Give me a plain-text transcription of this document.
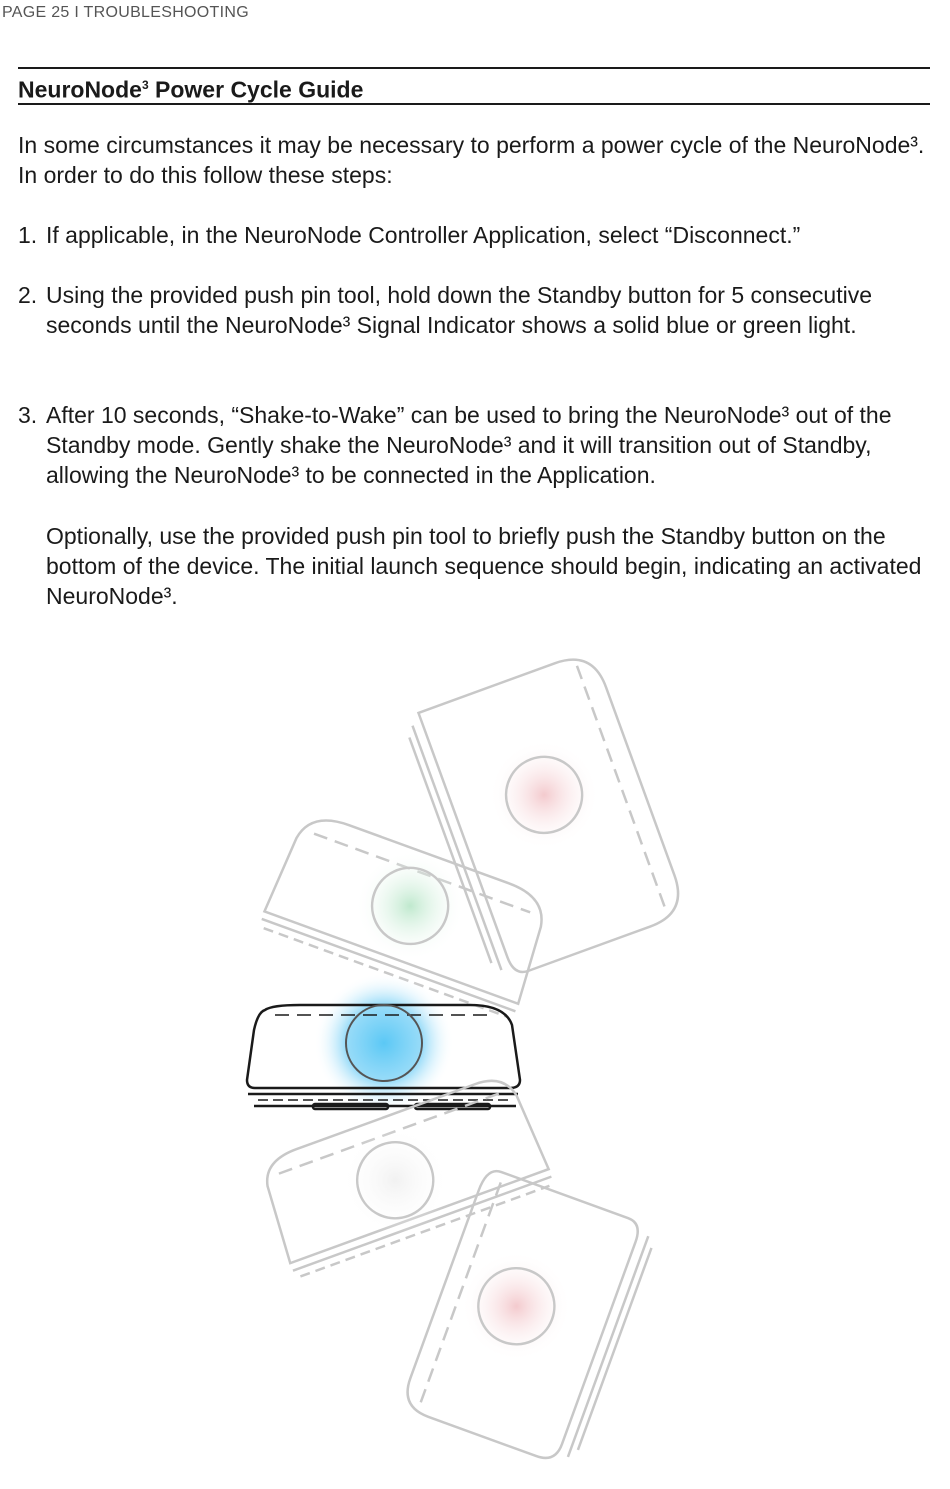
PAGE 25 I TROUBLESHOOTING
NeuroNode$^3$ Power Cycle Guide

In some circumstances it may be necessary to perform a power cycle of the NeuroNode³. In order to do this follow these steps:

1. If applicable, in the NeuroNode Controller Application, select “Disconnect.”
2. Using the provided push pin tool, hold down the Standby button for 5 consecutive seconds until the NeuroNode³ Signal Indicator shows a solid blue or green light.
3. After 10 seconds, “Shake-to-Wake” can be used to bring the NeuroNode³ out of the Standby mode. Gently shake the NeuroNode³ and it will transition out of Standby, allowing the NeuroNode³ to be connected in the Application.

Optionally, use the provided push pin tool to briefly push the Standby button on the bottom of the device. The initial launch sequence should begin, indicating an activated NeuroNode³.
